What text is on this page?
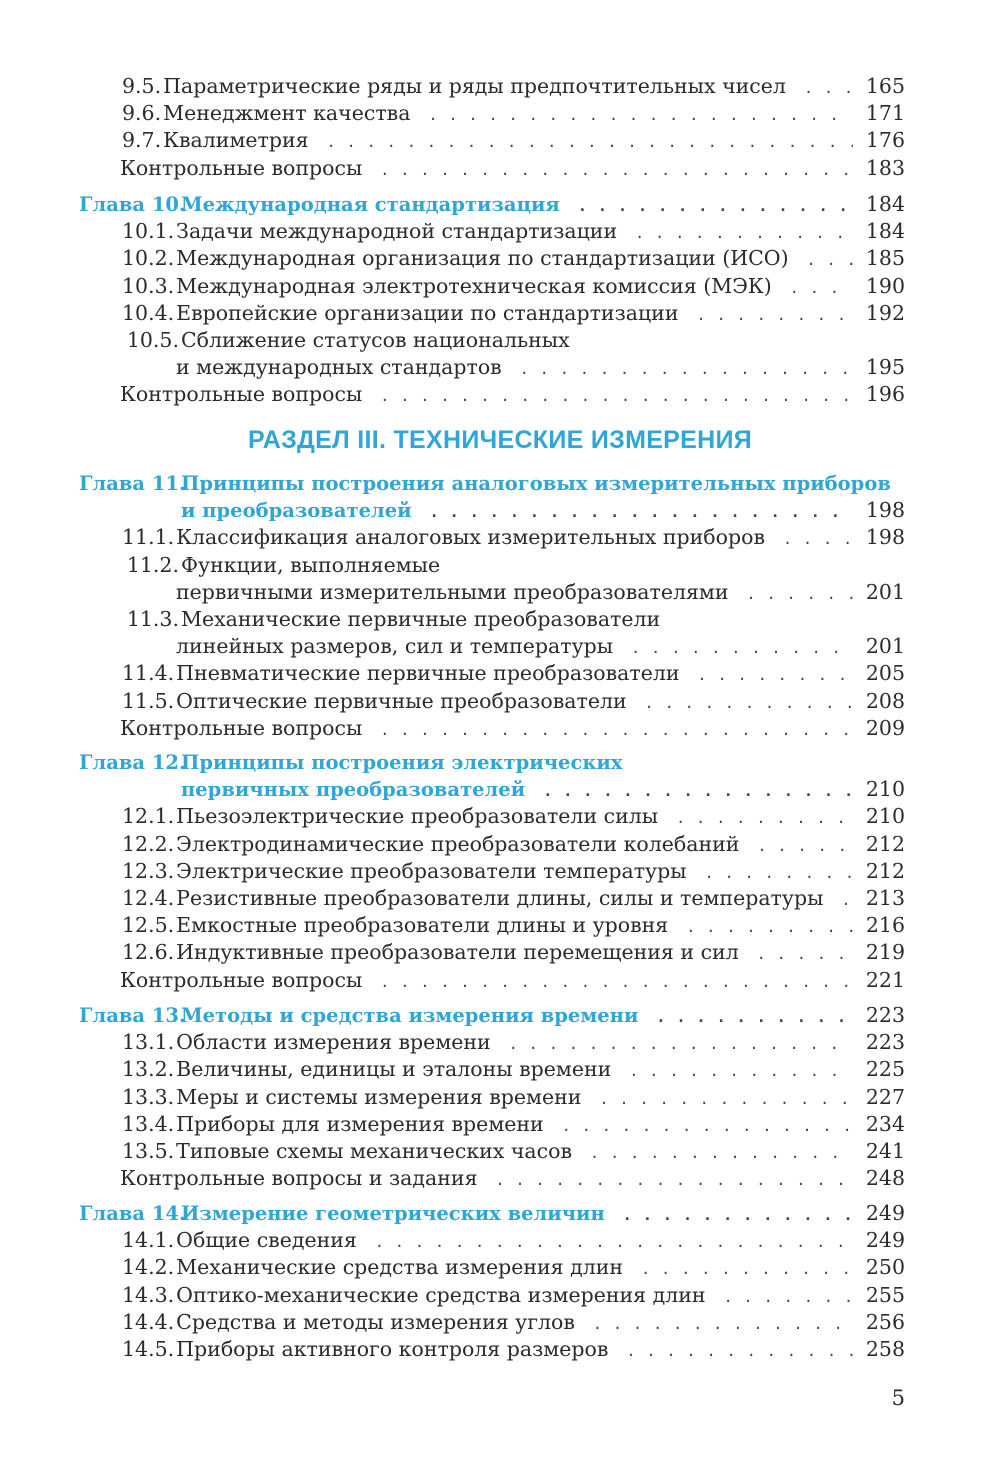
9.5. Параметрические ряды и ряды предпочтительных чисел . . .	165
9.6. Менеджмент качества . . .	171
9.7. Квалиметрия . . .	176
Контрольные вопросы . . .	183
Глава 10.
Международная стандартизация . . .	184
10.1. Задачи международной стандартизации . . .	184
10.2. Международная организация по стандартизации (ИСО) . . .	185
10.3. Международная электротехническая комиссия (МЭК) . . .	190
10.4. Европейские организации по стандартизации . . .	192
10.5. Сближение статусов национальных
и международных стандартов . . .	195
Контрольные вопросы . . .	196
РАЗДЕЛ III. ТЕХНИЧЕСКИЕ ИЗМЕРЕНИЯ
Глава 11.
Принципы построения аналоговых измерительных приборов
и преобразователей . . .	198
11.1. Классификация аналоговых измерительных приборов . . .	198
11.2. Функции, выполняемые
первичными измерительными преобразователями . . .	201
11.3. Механические первичные преобразователи
линейных размеров, сил и температуры . . .	201
11.4. Пневматические первичные преобразователи . . .	205
11.5. Оптические первичные преобразователи . . .	208
Контрольные вопросы . . .	209
Глава 12.
Принципы построения электрических
первичных преобразователей . . .	210
12.1. Пьезоэлектрические преобразователи силы . . .	210
12.2. Электродинамические преобразователи колебаний . . .	212
12.3. Электрические преобразователи температуры . . .	212
12.4. Резистивные преобразователи длины, силы и температуры . . .	213
12.5. Емкостные преобразователи длины и уровня . . .	216
12.6. Индуктивные преобразователи перемещения и сил . . .	219
Контрольные вопросы . . .	221
Глава 13.
Методы и средства измерения времени . . .	223
13.1. Области измерения времени . . .	223
13.2. Величины, единицы и эталоны времени . . .	225
13.3. Меры и системы измерения времени . . .	227
13.4. Приборы для измерения времени . . .	234
13.5. Типовые схемы механических часов . . .	241
Контрольные вопросы и задания . . .	248
Глава 14.
Измерение геометрических величин . . .	249
14.1. Общие сведения . . .	249
14.2. Механические средства измерения длин . . .	250
14.3. Оптико-механические средства измерения длин . . .	255
14.4. Средства и методы измерения углов . . .	256
14.5. Приборы активного контроля размеров . . .	258
5
